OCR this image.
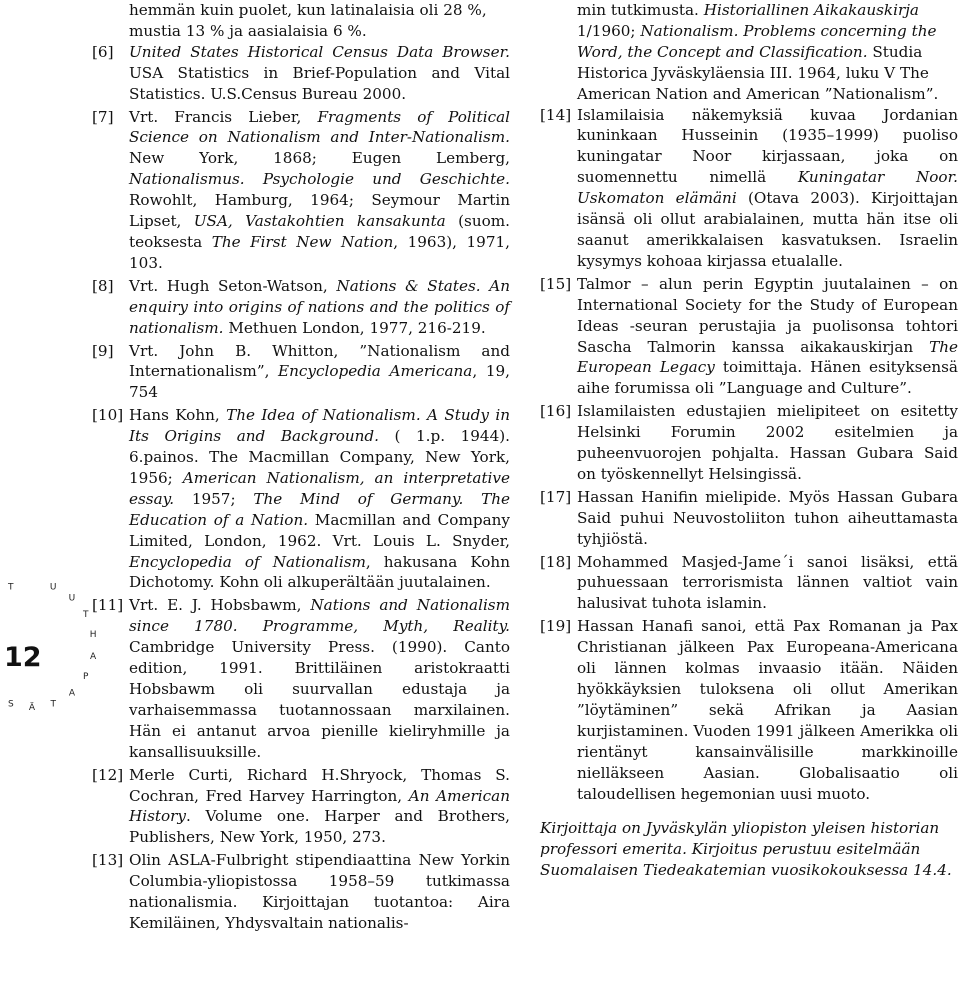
T
S Ä T
A
P
A
H
T
U
U
12

hemmän kuin puolet, kun latinalaisia oli 28 %, mustia 13 % ja aasialaisia 6 %.

[6]	United States Historical Census Data Browser. USA Statistics in Brief-Population and Vital Statistics. U.S.Census Bureau 2000.
[7]	Vrt. Francis Lieber, Fragments of Political Science on Nationalism and Inter-Nationalism. New York, 1868; Eugen Lemberg, Nationalismus. Psychologie und Geschichte. Rowohlt, Hamburg, 1964; Seymour Martin Lipset, USA, Vastakohtien kansakunta (suom. teoksesta The First New Nation, 1963), 1971, 103.
[8]	Vrt. Hugh Seton-Watson, Nations & States. An enquiry into origins of nations and the politics of nationalism. Methuen London, 1977, 216-219.
[9]	Vrt. John B. Whitton, ”Nationalism and Internationalism”, Encyclopedia Americana, 19, 754
[10] Hans Kohn, The Idea of Nationalism. A Study in Its Origins and Background. ( 1.p. 1944). 6.painos. The Macmillan Company, New York, 1956; American Nationalism, an interpretative essay. 1957; The Mind of Germany. The Education of a Nation. Macmillan and Company Limited, London, 1962. Vrt. Louis L. Snyder, Encyclopedia of Nationalism, hakusana Kohn Dichotomy. Kohn oli alkuperältään juutalainen.
[11] Vrt. E. J. Hobsbawm, Nations and Nationalism since 1780. Programme, Myth, Reality. Cambridge University Press. (1990). Canto edition, 1991. Brittiläinen aristokraatti Hobsbawm oli suurvallan edustaja ja varhaisemmassa tuotannossaan marxilainen. Hän ei antanut arvoa pienille kieliryhmille ja kansallisuuksille.
[12] Merle Curti, Richard H.Shryock, Thomas S. Cochran, Fred Harvey Harrington, An American History. Volume one. Harper and Brothers, Publishers, New York, 1950, 273.
[13] Olin ASLA-Fulbright stipendiaattina New Yorkin Columbia-yliopistossa 1958–59 tutkimassa nationalismia. Kirjoittajan tuotantoa: Aira Kemiläinen, Yhdysvaltain nationalis-

min tutkimusta. Historiallinen Aikakauskirja 1/1960; Nationalism. Problems concerning the Word, the Concept and Classification. Studia Historica Jyväskyläensia III. 1964, luku V The American Nation and American ”Nationalism”.

[14] Islamilaisia näkemyksiä kuvaa Jordanian kuninkaan Husseinin (1935–1999) puoliso kuningatar Noor kirjassaan, joka on suomennettu nimellä Kuningatar Noor. Uskomaton elämäni (Otava 2003). Kirjoittajan isänsä oli ollut arabialainen, mutta hän itse oli saanut amerikkalaisen kasvatuksen. Israelin kysymys kohoaa kirjassa etualalle.
[15] Talmor – alun perin Egyptin juutalainen – on International Society for the Study of European Ideas -seuran perustajia ja puolisonsa tohtori Sascha Talmorin kanssa aikakauskirjan The European Legacy toimittaja. Hänen esityksensä aihe forumissa oli ”Language and Culture”.
[16] Islamilaisten edustajien mielipiteet on esitetty Helsinki Forumin 2002 esitelmien ja puheenvuorojen pohjalta. Hassan Gubara Said on työskennellyt Helsingissä.
[17] Hassan Hanifin mielipide. Myös Hassan Gubara Said puhui Neuvostoliiton tuhon aiheuttamasta tyhjiöstä.
[18] Mohammed Masjed-Jame´i sanoi lisäksi, että puhuessaan terrorismista lännen valtiot vain halusivat tuhota islamin.
[19] Hassan Hanafi sanoi, että Pax Romanan ja Pax Christianan jälkeen Pax Europeana-Americana oli lännen kolmas invaasio itään. Näiden hyökkäyksien tuloksena oli ollut Amerikan ”löytäminen” sekä Afrikan ja Aasian kurjistaminen. Vuoden 1991 jälkeen Amerikka oli rientänyt kansainvälisille markkinoille nielläkseen Aasian. Globalisaatio oli taloudellisen hegemonian uusi muoto.

Kirjoittaja on Jyväskylän yliopiston yleisen historian professori emerita. Kirjoitus perustuu esitelmään Suomalaisen Tiedeakatemian vuosikokouksessa 14.4.
